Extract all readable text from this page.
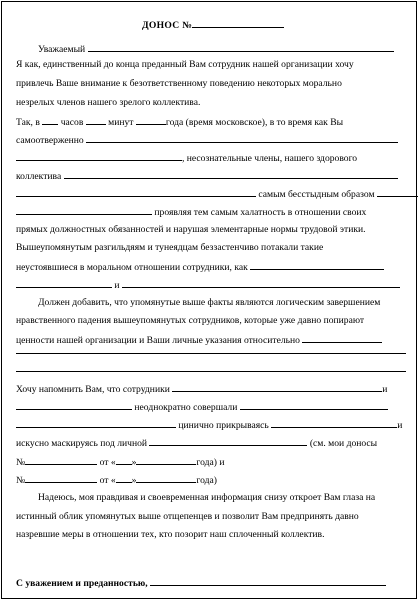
ДОНОС №
Уважаемый
Я как, единственный до конца преданный Вам сотрудник нашей организации хочу
привлечь Ваше внимание к безответственному поведению некоторых морально
незрелых членов нашего зрелого коллектива.
Так, в часов	минут	года (время московское), в то время как Вы
самоотверженно
, несознательные члены, нашего здорового
коллектива
самым бесстыдным образом
проявляя тем самым халатность в отношении своих
прямых должностных обязанностей и нарушая элементарные нормы трудовой этики.
Вышеупомянутым разгильдяям и тунеядцам беззастенчиво потакали такие
неустоявшиеся в моральном отношении сотрудники, как
и
Должен добавить, что упомянутые выше факты являются логическим завершением
нравственного падения вышеупомянутых сотрудников, которые уже давно попирают
ценности нашей организации и Ваши личные указания относительно
Хочу напомнить Вам, что сотрудники	и
неоднократно совершали
цинично прикрываясь	и
искусно маскируясь под личной	(см. мои доносы
№	от « »	года) и
№	от « »	года)
Надеюсь, моя правдивая и своевременная информация снизу откроет Вам глаза на
истинный облик упомянутых выше отщепенцев и позволит Вам предпринять давно
назревшие меры в отношении тех, кто позорит наш сплоченный коллектив.
С уважением и преданностью,
